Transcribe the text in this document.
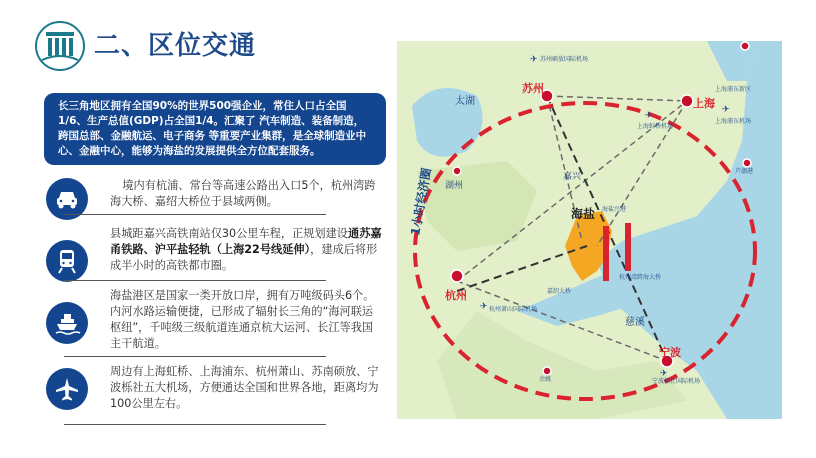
二、区位交通
长三角地区拥有全国90%的世界500强企业，常住人口占全国1/6、生产总值(GDP)占全国1/4。汇聚了 汽车制造、装备制造，跨国总部、金融航运、电子商务 等重要产业集群，是全球制造业中心、金融中心，能够为海盐的发展提供全方位配套服务。
境内有杭浦、常台等高速公路出入口5个，杭州湾跨海大桥、嘉绍大桥位于县域两侧。
县城距嘉兴高铁南站仅30公里车程，正规划建设通苏嘉甬铁路、沪平盐轻轨（上海22号线延伸），建成后将形成半小时的高铁都市圈。
海盐港区是国家一类开放口岸，拥有万吨级码头6个。内河水路运输便捷，已形成了辐射长三角的“海河联运枢纽”，千吨级三级航道连通京杭大运河、长江等我国主干航道。
周边有上海虹桥、上海浦东、杭州萧山、苏南硕放、宁波栎社五大机场，方便通达全国和世界各地，距离均为100公里左右。
✈
✈
✈
✈
✈
苏州
上海
杭州
宁波
海盐
嘉兴
慈溪
湖州
太湖
苏州硕放国际机场
上海虹桥机场
上海浦东机场
杭州萧山国际机场
宁波栎社国际机场
上海浦东新区
嘉绍大桥
海盐兴港
杭州湾跨海大桥
芦潮港
余姚
1小时经济圈
